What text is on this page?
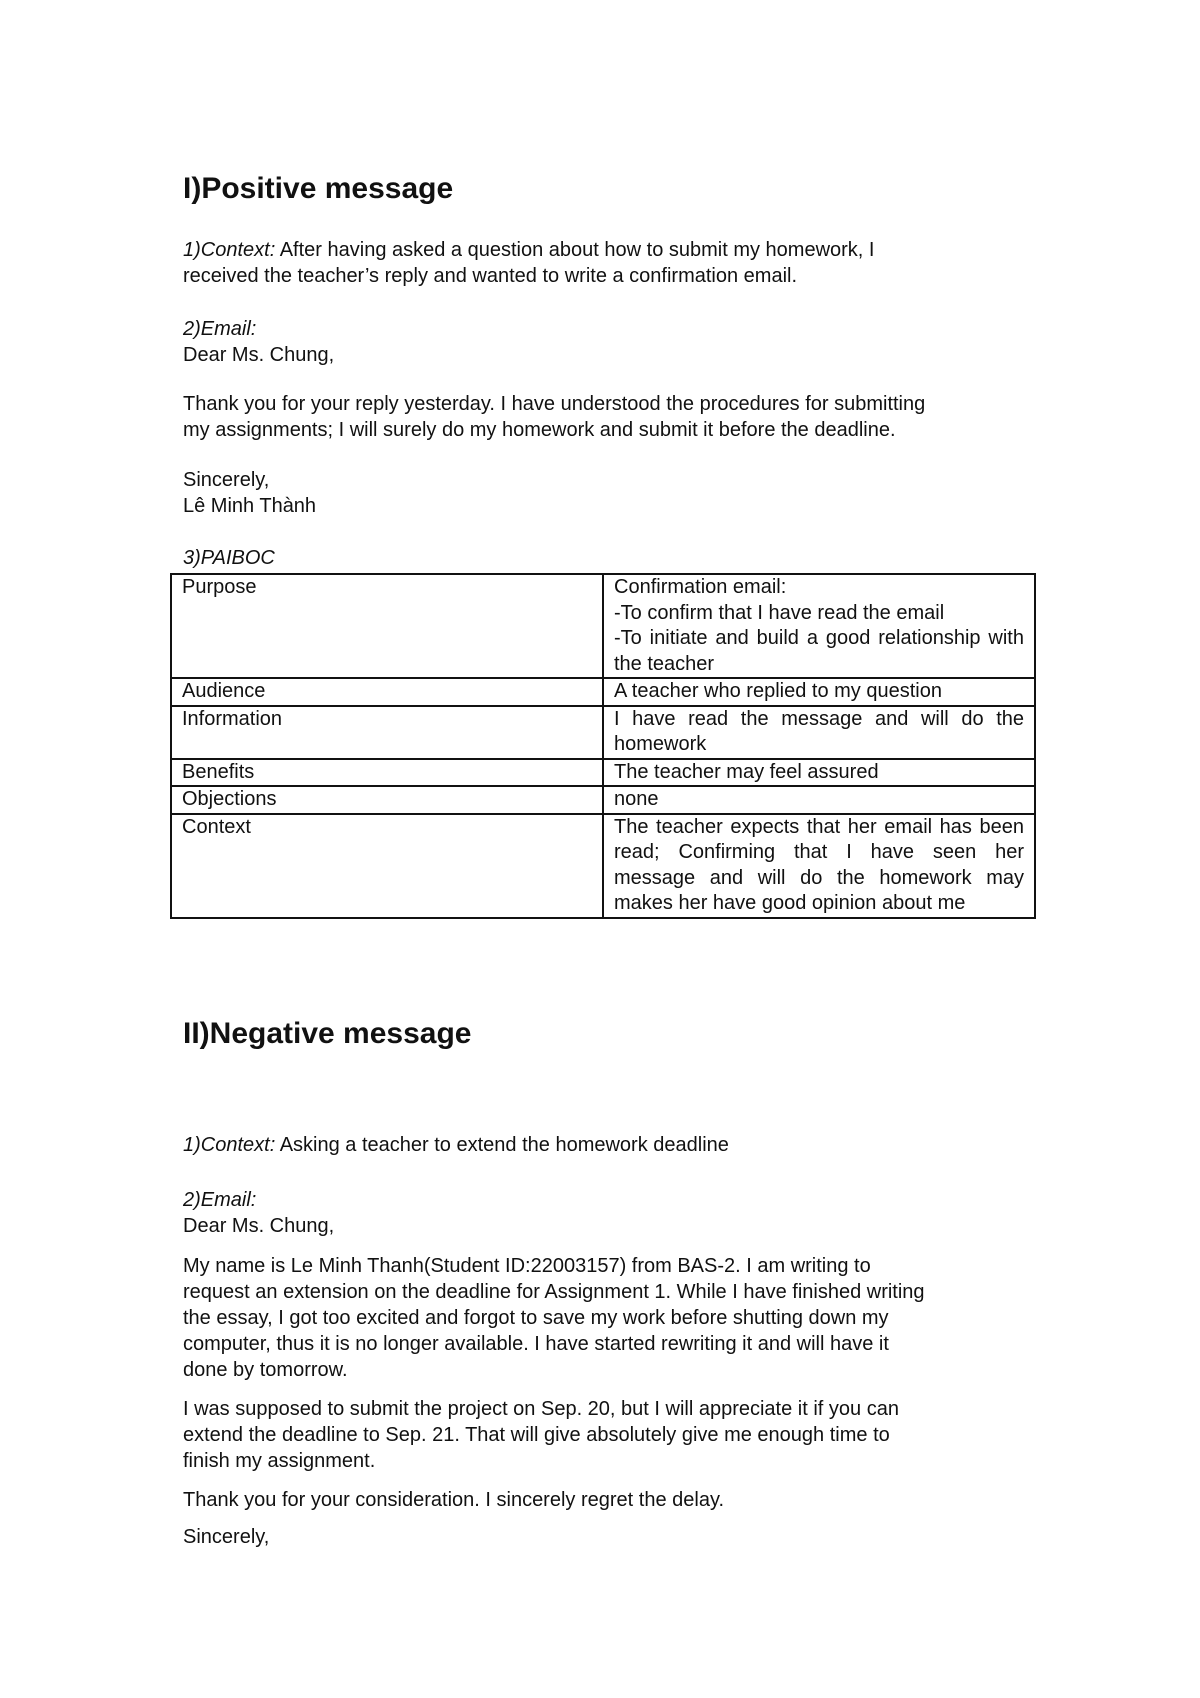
I)Positive message
1)Context: After having asked a question about how to submit my homework, I
received the teacher’s reply and wanted to write a confirmation email.
2)Email:
Dear Ms. Chung,
Thank you for your reply yesterday. I have understood the procedures for submitting
my assignments; I will surely do my homework and submit it before the deadline.
Sincerely,
Lê Minh Thành
3)PAIBOC
Purpose	Confirmation email:
-To confirm that I have read the email
-To initiate and build a good relationship with the teacher

Audience	A teacher who replied to my question
Information	I have read the message and will do the homework
Benefits	The teacher may feel assured
Objections	none
Context	The teacher expects that her email has been read; Confirming that I have seen her message and will do the homework may makes her have good opinion about me
II)Negative message
1)Context: Asking a teacher to extend the homework deadline
2)Email:
Dear Ms. Chung,
My name is Le Minh Thanh(Student ID:22003157) from BAS-2. I am writing to
request an extension on the deadline for Assignment 1. While I have finished writing
the essay, I got too excited and forgot to save my work before shutting down my
computer, thus it is no longer available. I have started rewriting it and will have it
done by tomorrow.
I was supposed to submit the project on Sep. 20, but I will appreciate it if you can
extend the deadline to Sep. 21. That will give absolutely give me enough time to
finish my assignment.
Thank you for your consideration. I sincerely regret the delay.
Sincerely,
